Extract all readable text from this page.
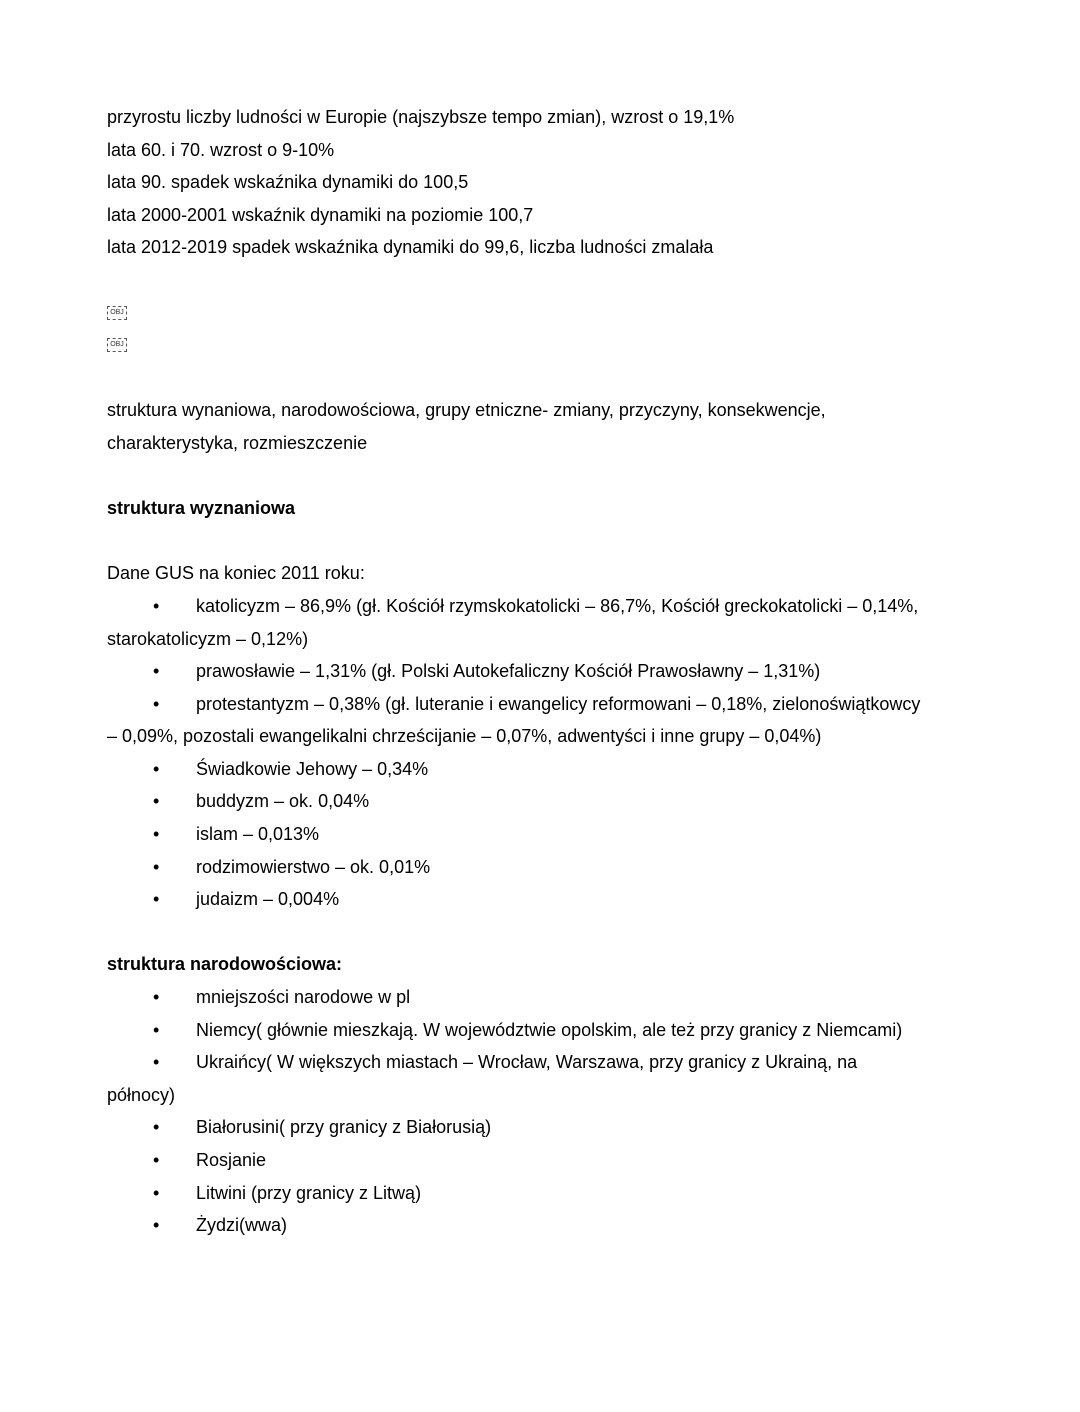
przyrostu liczby ludności w Europie (najszybsze tempo zmian), wzrost o 19,1%

lata 60. i 70. wzrost o 9-10%

lata 90. spadek wskaźnika dynamiki do 100,5

lata 2000-2001 wskaźnik dynamiki na poziomie 100,7

lata 2012-2019 spadek wskaźnika dynamiki do 99,6, liczba ludności zmalała

OBJ
OBJ

struktura wynaniowa, narodowościowa, grupy etniczne- zmiany, przyczyny, konsekwencje,

charakterystyka, rozmieszczenie

struktura wyznaniowa

Dane GUS na koniec 2011 roku:

• katolicyzm – 86,9% (gł. Kościół rzymskokatolicki – 86,7%, Kościół greckokatolicki – 0,14%,
starokatolicyzm – 0,12%)
• prawosławie – 1,31% (gł. Polski Autokefaliczny Kościół Prawosławny – 1,31%)
• protestantyzm – 0,38% (gł. luteranie i ewangelicy reformowani – 0,18%, zielonoświątkowcy
– 0,09%, pozostali ewangelikalni chrześcijanie – 0,07%, adwentyści i inne grupy – 0,04%)
• Świadkowie Jehowy – 0,34%
• buddyzm – ok. 0,04%
• islam – 0,013%
• rodzimowierstwo – ok. 0,01%
• judaizm – 0,004%

struktura narodowościowa:

• mniejszości narodowe w pl
• Niemcy( głównie mieszkają. W województwie opolskim, ale też przy granicy z Niemcami)
• Ukraińcy( W większych miastach – Wrocław, Warszawa, przy granicy z Ukrainą, na
północy)
• Białorusini( przy granicy z Białorusią)
• Rosjanie
• Litwini (przy granicy z Litwą)
• Żydzi(wwa)
